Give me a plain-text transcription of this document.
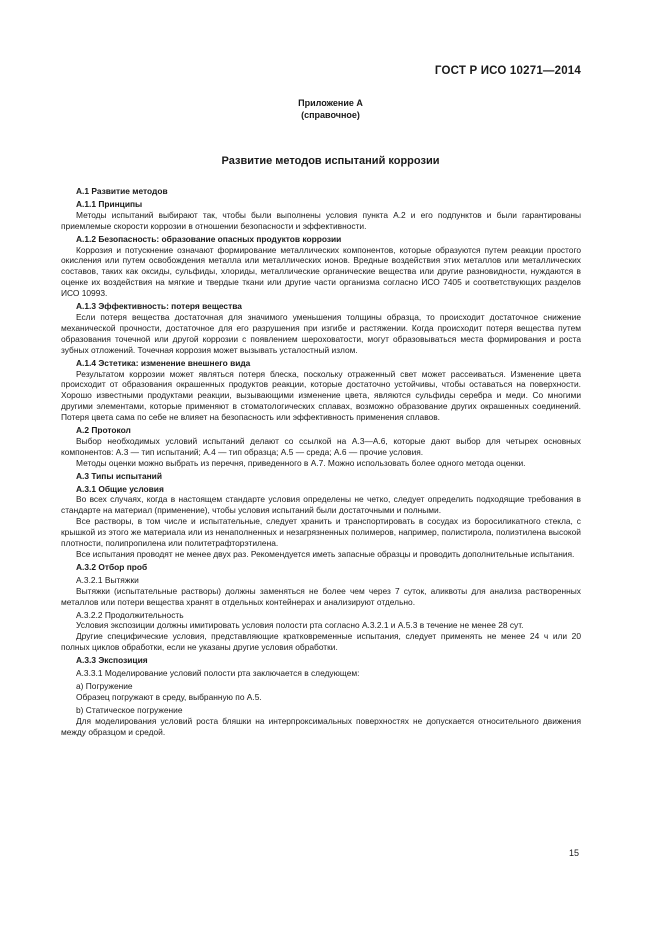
ГОСТ Р ИСО 10271—2014
Приложение А
(справочное)
Развитие методов испытаний коррозии

А.1 Развитие методов

А.1.1 Принципы

Методы испытаний выбирают так, чтобы были выполнены условия пункта А.2 и его подпунктов и были гарантированы приемлемые скорости коррозии в отношении безопасности и эффективности.

А.1.2 Безопасность: образование опасных продуктов коррозии

Коррозия и потускнение означают формирование металлических компонентов, которые образуются путем реакции простого окисления или путем освобождения металла или металлических ионов. Вредные воздействия этих металлов или металлических составов, таких как оксиды, сульфиды, хлориды, металлические органические вещества или другие разновидности, нуждаются в оценке их воздействия на мягкие и твердые ткани или другие части организма согласно ИСО 7405 и соответствующих разделов ИСО 10993.

А.1.3 Эффективность: потеря вещества

Если потеря вещества достаточная для значимого уменьшения толщины образца, то происходит достаточное снижение механической прочности, достаточное для его разрушения при изгибе и растяжении. Когда происходит потеря вещества путем образования точечной или другой коррозии с появлением шероховатости, могут образовываться места формирования и роста зубных отложений. Точечная коррозия может вызывать усталостный излом.

А.1.4 Эстетика: изменение внешнего вида

Результатом коррозии может являться потеря блеска, поскольку отраженный свет может рассеиваться. Изменение цвета происходит от образования окрашенных продуктов реакции, которые достаточно устойчивы, чтобы оставаться на поверхности. Хорошо известными продуктами реакции, вызывающими изменение цвета, являются сульфиды серебра и меди. Со многими другими элементами, которые применяют в стоматологических сплавах, возможно образование других окрашенных соединений. Потеря цвета сама по себе не влияет на безопасность или эффективность применения сплавов.

А.2 Протокол

Выбор необходимых условий испытаний делают со ссылкой на А.3—А.6, которые дают выбор для четырех основных компонентов: А.3 — тип испытаний; А.4 — тип образца; А.5 — среда; А.6 — прочие условия.

Методы оценки можно выбрать из перечня, приведенного в А.7. Можно использовать более одного метода оценки.

А.3 Типы испытаний

А.3.1 Общие условия

Во всех случаях, когда в настоящем стандарте условия определены не четко, следует определить подходящие требования в стандарте на материал (применение), чтобы условия испытаний были достаточными и полными.

Все растворы, в том числе и испытательные, следует хранить и транспортировать в сосудах из боросиликатного стекла, с крышкой из этого же материала или из ненаполненных и незагрязненных полимеров, например, полистирола, полиэтилена высокой плотности, полипропилена или политетрафторэтилена.

Все испытания проводят не менее двух раз. Рекомендуется иметь запасные образцы и проводить дополнительные испытания.

А.3.2 Отбор проб

А.3.2.1 Вытяжки

Вытяжки (испытательные растворы) должны заменяться не более чем через 7 суток, аликвоты для анализа растворенных металлов или потери вещества хранят в отдельных контейнерах и анализируют отдельно.

А.3.2.2 Продолжительность

Условия экспозиции должны имитировать условия полости рта согласно А.3.2.1 и А.5.3 в течение не менее 28 сут.

Другие специфические условия, представляющие кратковременные испытания, следует применять не менее 24 ч или 20 полных циклов обработки, если не указаны другие условия обработки.

А.3.3 Экспозиция

А.3.3.1 Моделирование условий полости рта заключается в следующем:

a) Погружение

Образец погружают в среду, выбранную по А.5.

b) Статическое погружение

Для моделирования условий роста бляшки на интерпроксимальных поверхностях не допускается относительного движения между образцом и средой.

15
